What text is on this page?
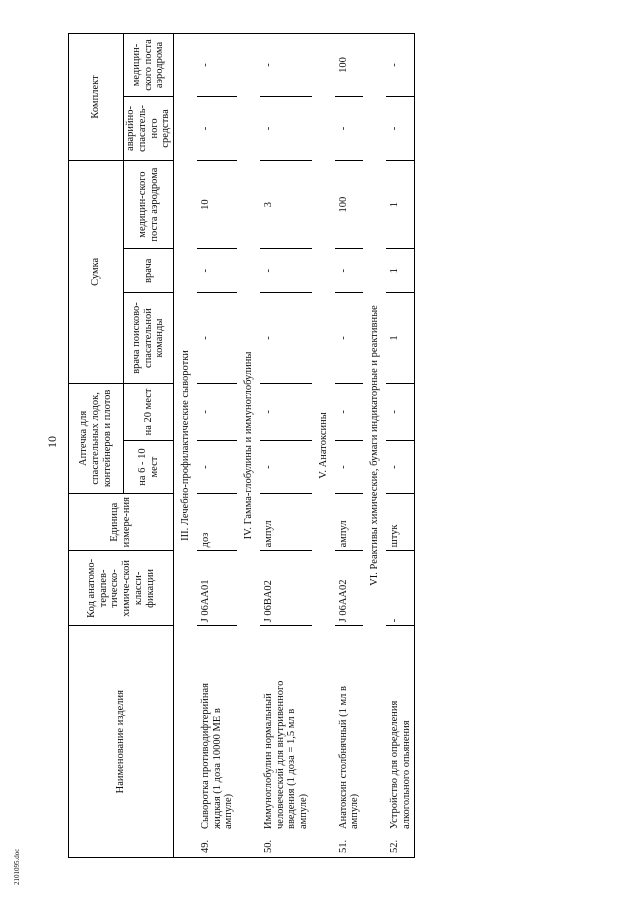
10
Наименование изделия	Код анатомо-терапев-тическо-химиче-ской класси-фикации	Единица измере-ния	Аптечка для спасательных лодок, контейнеров и плотов		Сумка			Комплект	
								аварийно-спасатель-ного средства	медицин-ского поста аэродрома
			на 6 - 10 мест	на 20 мест	врача поисково-спасательной команды	врача	медицин-ского поста аэродрома		
III. Лечебно-профилактические сыворотки									
49.Сыворотка противодифтерийная жидкая (1 доза 10000 МЕ в ампуле)	J 06AA01	доз	-	-	-	-	10	-	-
IV. Гамма-глобулины и иммуноглобулины									
50.Иммуноглобулин нормальный человеческий для внутривенного введения (1 доза = 1,5 мл в ампуле)	J 06BA02	ампул	-	-	-	-	3	-	-
V. Анатоксины									
51.Анатоксин столбнячный (1 мл в ампуле)	J 06AA02	ампул	-	-	-	-	100	-	100
VI. Реактивы химические, бумаги индикаторные и реактивные									
52.Устройство для определения алкогольного опьянения	-	штук	-	-	1	1	1	-	-
2101095.doc
